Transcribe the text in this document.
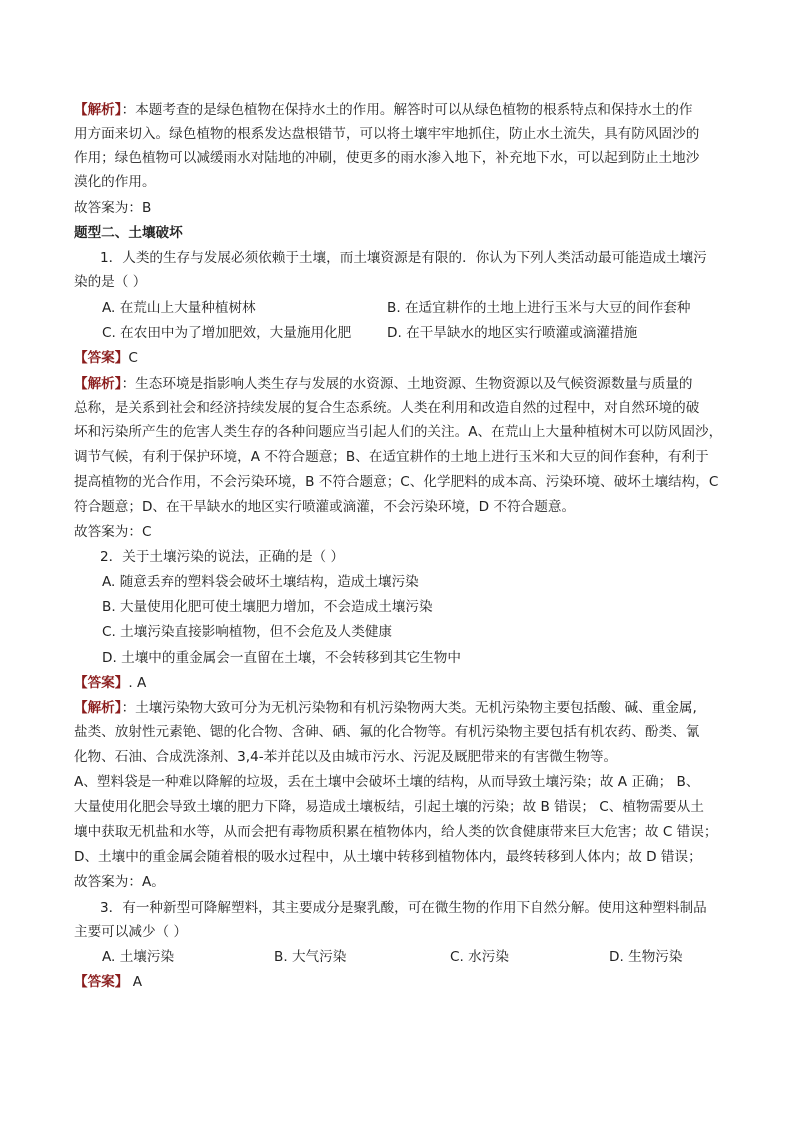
【解析】：本题考查的是绿色植物在保持水土的作用。解答时可以从绿色植物的根系特点和保持水土的作
用方面来切入。绿色植物的根系发达盘根错节，可以将土壤牢牢地抓住，防止水土流失，具有防风固沙的
作用；绿色植物可以减缓雨水对陆地的冲刷，使更多的雨水渗入地下，补充地下水，可以起到防止土地沙
漠化的作用。
故答案为：B
题型二、土壤破坏
1．人类的生存与发展必须依赖于土壤，而土壤资源是有限的．你认为下列人类活动最可能造成土壤污
染的是（ ）
A. 在荒山上大量种植树林	B. 在适宜耕作的土地上进行玉米与大豆的间作套种
C. 在农田中为了增加肥效，大量施用化肥	D. 在干旱缺水的地区实行喷灌或滴灌措施
【答案】C
【解析】：生态环境是指影响人类生存与发展的水资源、土地资源、生物资源以及气候资源数量与质量的
总称，是关系到社会和经济持续发展的复合生态系统。人类在利用和改造自然的过程中，对自然环境的破
坏和污染所产生的危害人类生存的各种问题应当引起人们的关注。A、在荒山上大量种植树木可以防风固沙，
调节气候，有利于保护环境，A 不符合题意；B、在适宜耕作的土地上进行玉米和大豆的间作套种，有利于
提高植物的光合作用，不会污染环境，B 不符合题意；C、化学肥料的成本高、污染环境、破坏土壤结构，C
符合题意；D、在干旱缺水的地区实行喷灌或滴灌，不会污染环境，D 不符合题意。
故答案为：C
2．关于土壤污染的说法，正确的是（ ）
A. 随意丢弃的塑料袋会破坏土壤结构，造成土壤污染
B. 大量使用化肥可使土壤肥力增加，不会造成土壤污染
C. 土壤污染直接影响植物，但不会危及人类健康
D. 土壤中的重金属会一直留在土壤，不会转移到其它生物中
【答案】. A
【解析】：土壤污染物大致可分为无机污染物和有机污染物两大类。无机污染物主要包括酸、碱、重金属,
盐类、放射性元素铯、锶的化合物、含砷、硒、氟的化合物等。有机污染物主要包括有机农药、酚类、氰
化物、石油、合成洗涤剂、3,4-苯并芘以及由城市污水、污泥及厩肥带来的有害微生物等。
A、塑料袋是一种难以降解的垃圾，丢在土壤中会破坏土壤的结构，从而导致土壤污染；故 A 正确； B、
大量使用化肥会导致土壤的肥力下降，易造成土壤板结，引起土壤的污染；故 B 错误； C、植物需要从土
壤中获取无机盐和水等，从而会把有毒物质积累在植物体内，给人类的饮食健康带来巨大危害；故 C 错误；
D、土壤中的重金属会随着根的吸水过程中，从土壤中转移到植物体内，最终转移到人体内；故 D 错误；
故答案为：A。
3．有一种新型可降解塑料，其主要成分是聚乳酸，可在微生物的作用下自然分解。使用这种塑料制品
主要可以减少（ ）
A. 土壤污染	B. 大气污染	C. 水污染	D. 生物污染
【答案】 A
